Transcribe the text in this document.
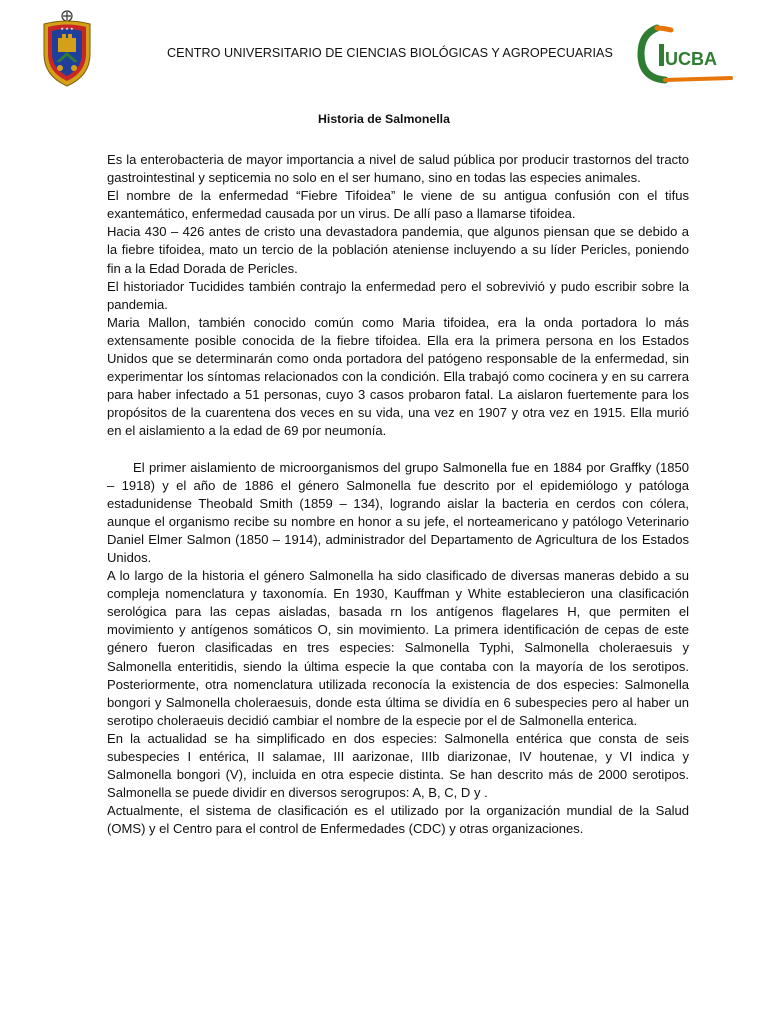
★ ★ ★
CENTRO UNIVERSITARIO DE CIENCIAS BIOLÓGICAS Y AGROPECUARIAS	UCBA
Historia de Salmonella

Es la enterobacteria de mayor importancia a nivel de salud pública por producir trastornos del tracto gastrointestinal y septicemia no solo en el ser humano, sino en todas las especies animales.

El nombre de la enfermedad “Fiebre Tifoidea” le viene de su antigua confusión con el tifus exantemático, enfermedad causada por un virus. De allí paso a llamarse tifoidea.

Hacia 430 – 426 antes de cristo una devastadora pandemia, que algunos piensan que se debido a la fiebre tifoidea, mato un tercio de la población ateniense incluyendo a su líder Pericles, poniendo fin a la Edad Dorada de Pericles.

El historiador Tucidides también contrajo la enfermedad pero el sobrevivió y pudo escribir sobre la pandemia.

Maria Mallon, también conocido común como Maria tifoidea, era la onda portadora lo más extensamente posible conocida de la fiebre tifoidea. Ella era la primera persona en los Estados Unidos que se determinarán como onda portadora del patógeno responsable de la enfermedad, sin experimentar los síntomas relacionados con la condición. Ella trabajó como cocinera y en su carrera para haber infectado a 51 personas, cuyo 3 casos probaron fatal. La aislaron fuertemente para los propósitos de la cuarentena dos veces en su vida, una vez en 1907 y otra vez en 1915. Ella murió en el aislamiento a la edad de 69 por neumonía.

El primer aislamiento de microorganismos del grupo Salmonella fue en 1884 por Graffky (1850 – 1918) y el año de 1886 el género Salmonella fue descrito por el epidemiólogo y patóloga estadunidense Theobald Smith (1859 – 134), logrando aislar la bacteria en cerdos con cólera, aunque el organismo recibe su nombre en honor a su jefe, el norteamericano y patólogo Veterinario Daniel Elmer Salmon (1850 – 1914), administrador del Departamento de Agricultura de los Estados Unidos.

A lo largo de la historia el género Salmonella ha sido clasificado de diversas maneras debido a su compleja nomenclatura y taxonomía. En 1930, Kauffman y White establecieron una clasificación serológica para las cepas aisladas, basada rn los antígenos flagelares H, que permiten el movimiento y antígenos somáticos O, sin movimiento. La primera identificación de cepas de este género fueron clasificadas en tres especies: Salmonella Typhi, Salmonella choleraesuis y Salmonella enteritidis, siendo la última especie la que contaba con la mayoría de los serotipos. Posteriormente, otra nomenclatura utilizada reconocía la existencia de dos especies: Salmonella bongori y Salmonella choleraesuis, donde esta última se dividía en 6 subespecies pero al haber un serotipo choleraeuis decidió cambiar el nombre de la especie por el de Salmonella enterica.

En la actualidad se ha simplificado en dos especies: Salmonella entérica que consta de seis subespecies I entérica, II salamae, III aarizonae, IIIb diarizonae, IV houtenae, y VI indica y Salmonella bongori (V), incluida en otra especie distinta. Se han descrito más de 2000 serotipos. Salmonella se puede dividir en diversos serogrupos: A, B, C, D y .

Actualmente, el sistema de clasificación es el utilizado por la organización mundial de la Salud (OMS) y el Centro para el control de Enfermedades (CDC) y otras organizaciones.
